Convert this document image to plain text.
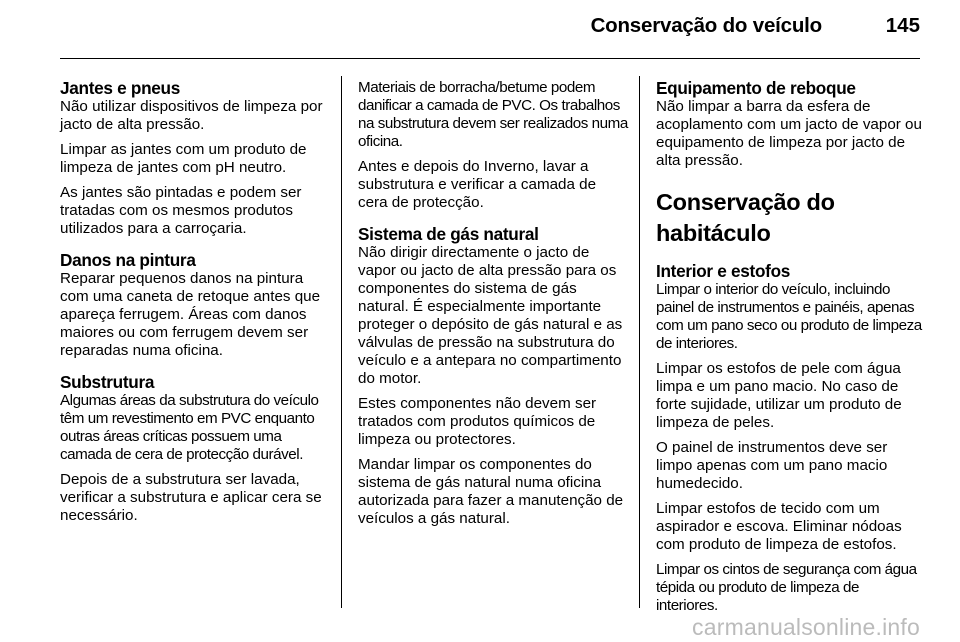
Conservação do veículo	145
Jantes e pneus

Não utilizar dispositivos de limpeza por jacto de alta pressão.

Limpar as jantes com um produto de limpeza de jantes com pH neutro.

As jantes são pintadas e podem ser tratadas com os mesmos produtos utilizados para a carroçaria.

Danos na pintura

Reparar pequenos danos na pintura com uma caneta de retoque antes que apareça ferrugem. Áreas com danos maiores ou com ferrugem devem ser reparadas numa oficina.

Substrutura

Algumas áreas da substrutura do veículo têm um revestimento em PVC enquanto outras áreas críticas possuem uma camada de cera de protecção durável.

Depois de a substrutura ser lavada, verificar a substrutura e aplicar cera se necessário.

Materiais de borracha/betume podem danificar a camada de PVC. Os trabalhos na substrutura devem ser realizados numa oficina.

Antes e depois do Inverno, lavar a substrutura e verificar a camada de cera de protecção.

Sistema de gás natural

Não dirigir directamente o jacto de vapor ou jacto de alta pressão para os componentes do sistema de gás natural. É especialmente importante proteger o depósito de gás natural e as válvulas de pressão na substrutura do veículo e a antepara no compartimento do motor.

Estes componentes não devem ser tratados com produtos químicos de limpeza ou protectores.

Mandar limpar os componentes do sistema de gás natural numa oficina autorizada para fazer a manutenção de veículos a gás natural.

Equipamento de reboque

Não limpar a barra da esfera de acoplamento com um jacto de vapor ou equipamento de limpeza por jacto de alta pressão.

Conservação do habitáculo
Interior e estofos

Limpar o interior do veículo, incluindo painel de instrumentos e painéis, apenas com um pano seco ou produto de limpeza de interiores.

Limpar os estofos de pele com água limpa e um pano macio. No caso de forte sujidade, utilizar um produto de limpeza de peles.

O painel de instrumentos deve ser limpo apenas com um pano macio humedecido.

Limpar estofos de tecido com um aspirador e escova. Eliminar nódoas com produto de limpeza de estofos.

Limpar os cintos de segurança com água tépida ou produto de limpeza de interiores.

carmanualsonline.info
